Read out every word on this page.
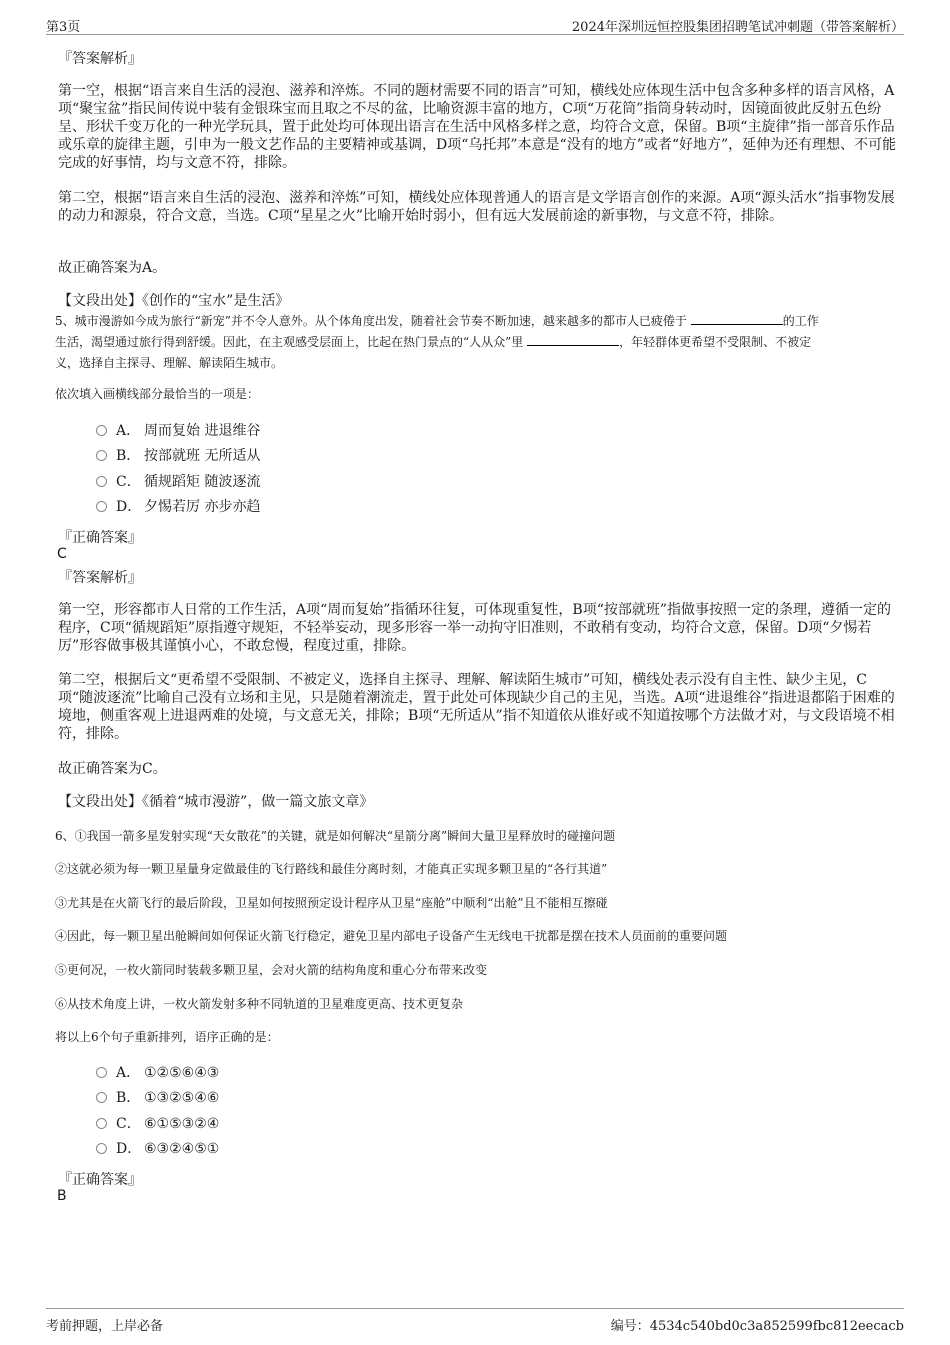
第3页	2024年深圳远恒控股集团招聘笔试冲刺题（带答案解析）
『答案解析』
第一空，根据“语言来自生活的浸泡、滋养和淬炼。不同的题材需要不同的语言”可知，横线处应体现生活中包含多种多样的语言风格，A项“聚宝盆”指民间传说中装有金银珠宝而且取之不尽的盆，比喻资源丰富的地方，C项“万花筒”指筒身转动时，因镜面彼此反射五色纷呈、形状千变万化的一种光学玩具，置于此处均可体现出语言在生活中风格多样之意，均符合文意，保留。B项“主旋律”指一部音乐作品或乐章的旋律主题，引申为一般文艺作品的主要精神或基调，D项“乌托邦”本意是“没有的地方”或者“好地方”，延伸为还有理想、不可能完成的好事情，均与文意不符，排除。
第二空，根据“语言来自生活的浸泡、滋养和淬炼”可知，横线处应体现普通人的语言是文学语言创作的来源。A项“源头活水”指事物发展的动力和源泉，符合文意，当选。C项“星星之火”比喻开始时弱小，但有远大发展前途的新事物，与文意不符，排除。
故正确答案为A。
【文段出处】《创作的“宝水”是生活》
5、城市漫游如今成为旅行“新宠”并不令人意外。从个体角度出发，随着社会节奏不断加速，越来越多的都市人已疲倦于	的工作
生活，渴望通过旅行得到舒缓。因此，在主观感受层面上，比起在热门景点的“人从众”里	，年轻群体更希望不受限制、不被定
义，选择自主探寻、理解、解读陌生城市。
依次填入画横线部分最恰当的一项是：
A． 周而复始 进退维谷
B． 按部就班 无所适从
C． 循规蹈矩 随波逐流
D． 夕惕若厉 亦步亦趋
『正确答案』
C
『答案解析』
第一空，形容都市人日常的工作生活，A项“周而复始”指循环往复，可体现重复性，B项“按部就班”指做事按照一定的条理，遵循一定的程序，C项“循规蹈矩”原指遵守规矩，不轻举妄动，现多形容一举一动拘守旧准则，不敢稍有变动，均符合文意，保留。D项“夕惕若厉”形容做事极其谨慎小心，不敢怠慢，程度过重，排除。
第二空，根据后文“更希望不受限制、不被定义，选择自主探寻、理解、解读陌生城市”可知，横线处表示没有自主性、缺少主见，C项“随波逐流”比喻自己没有立场和主见，只是随着潮流走，置于此处可体现缺少自己的主见，当选。A项“进退维谷”指进退都陷于困难的境地，侧重客观上进退两难的处境，与文意无关，排除；B项“无所适从”指不知道依从谁好或不知道按哪个方法做才对，与文段语境不相符，排除。
故正确答案为C。
【文段出处】《循着“城市漫游”，做一篇文旅文章》
6、①我国一箭多星发射实现“天女散花”的关键，就是如何解决“星箭分离”瞬间大量卫星释放时的碰撞问题
②这就必须为每一颗卫星量身定做最佳的飞行路线和最佳分离时刻，才能真正实现多颗卫星的“各行其道”
③尤其是在火箭飞行的最后阶段，卫星如何按照预定设计程序从卫星“座舱”中顺利“出舱”且不能相互擦碰
④因此，每一颗卫星出舱瞬间如何保证火箭飞行稳定，避免卫星内部电子设备产生无线电干扰都是摆在技术人员面前的重要问题
⑤更何况，一枚火箭同时装载多颗卫星，会对火箭的结构角度和重心分布带来改变
⑥从技术角度上讲，一枚火箭发射多种不同轨道的卫星难度更高、技术更复杂
将以上6个句子重新排列，语序正确的是：
A． ①②⑤⑥④③
B． ①③②⑤④⑥
C． ⑥①⑤③②④
D． ⑥③②④⑤①
『正确答案』
B
考前押题，上岸必备	编号：4534c540bd0c3a852599fbc812eecacb
